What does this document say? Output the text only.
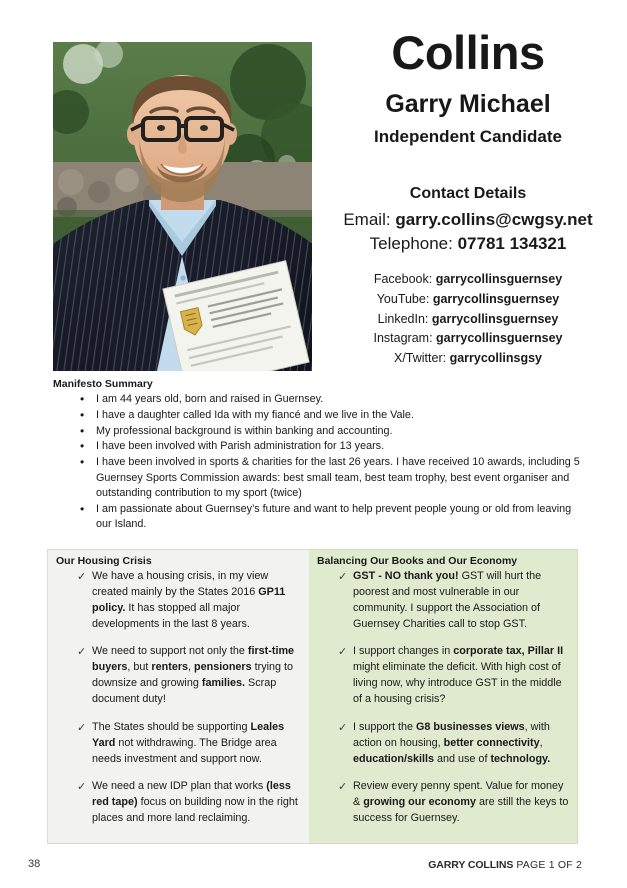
Collins
Garry Michael
Independent Candidate
Contact Details
Email: garry.collins@cwgsy.net
Telephone: 07781 134321
Facebook: garrycollinsguernsey
YouTube: garrycollinsguernsey
LinkedIn: garrycollinsguernsey
Instagram: garrycollinsguernsey
X/Twitter: garrycollinsgsy
Manifesto Summary
• I am 44 years old, born and raised in Guernsey.
• I have a daughter called Ida with my fiancé and we live in the Vale.
• My professional background is within banking and accounting.
• I have been involved with Parish administration for 13 years.
• I have been involved in sports & charities for the last 26 years. I have received 10 awards, including 5 Guernsey Sports Commission awards: best small team, best team trophy, best event organiser and outstanding contribution to my sport (twice)
• I am passionate about Guernsey’s future and want to help prevent people young or old from leaving our Island.
Our Housing Crisis
✓ We have a housing crisis, in my view created mainly by the States 2016 GP11 policy. It has stopped all major developments in the last 8 years.
✓ We need to support not only the first-time buyers, but renters, pensioners trying to downsize and growing families. Scrap document duty!
✓ The States should be supporting Leales Yard not withdrawing. The Bridge area needs investment and support now.
✓ We need a new IDP plan that works (less red tape) focus on building now in the right places and more land reclaiming.
Balancing Our Books and Our Economy
✓ GST - NO thank you! GST will hurt the poorest and most vulnerable in our community. I support the Association of Guernsey Charities call to stop GST.
✓ I support changes in corporate tax, Pillar II might eliminate the deficit. With high cost of living now, why introduce GST in the middle of a housing crisis?
✓ I support the G8 businesses views, with action on housing, better connectivity, education/skills and use of technology.
✓ Review every penny spent. Value for money & growing our economy are still the keys to success for Guernsey.
38	GARRY COLLINS PAGE 1 OF 2
